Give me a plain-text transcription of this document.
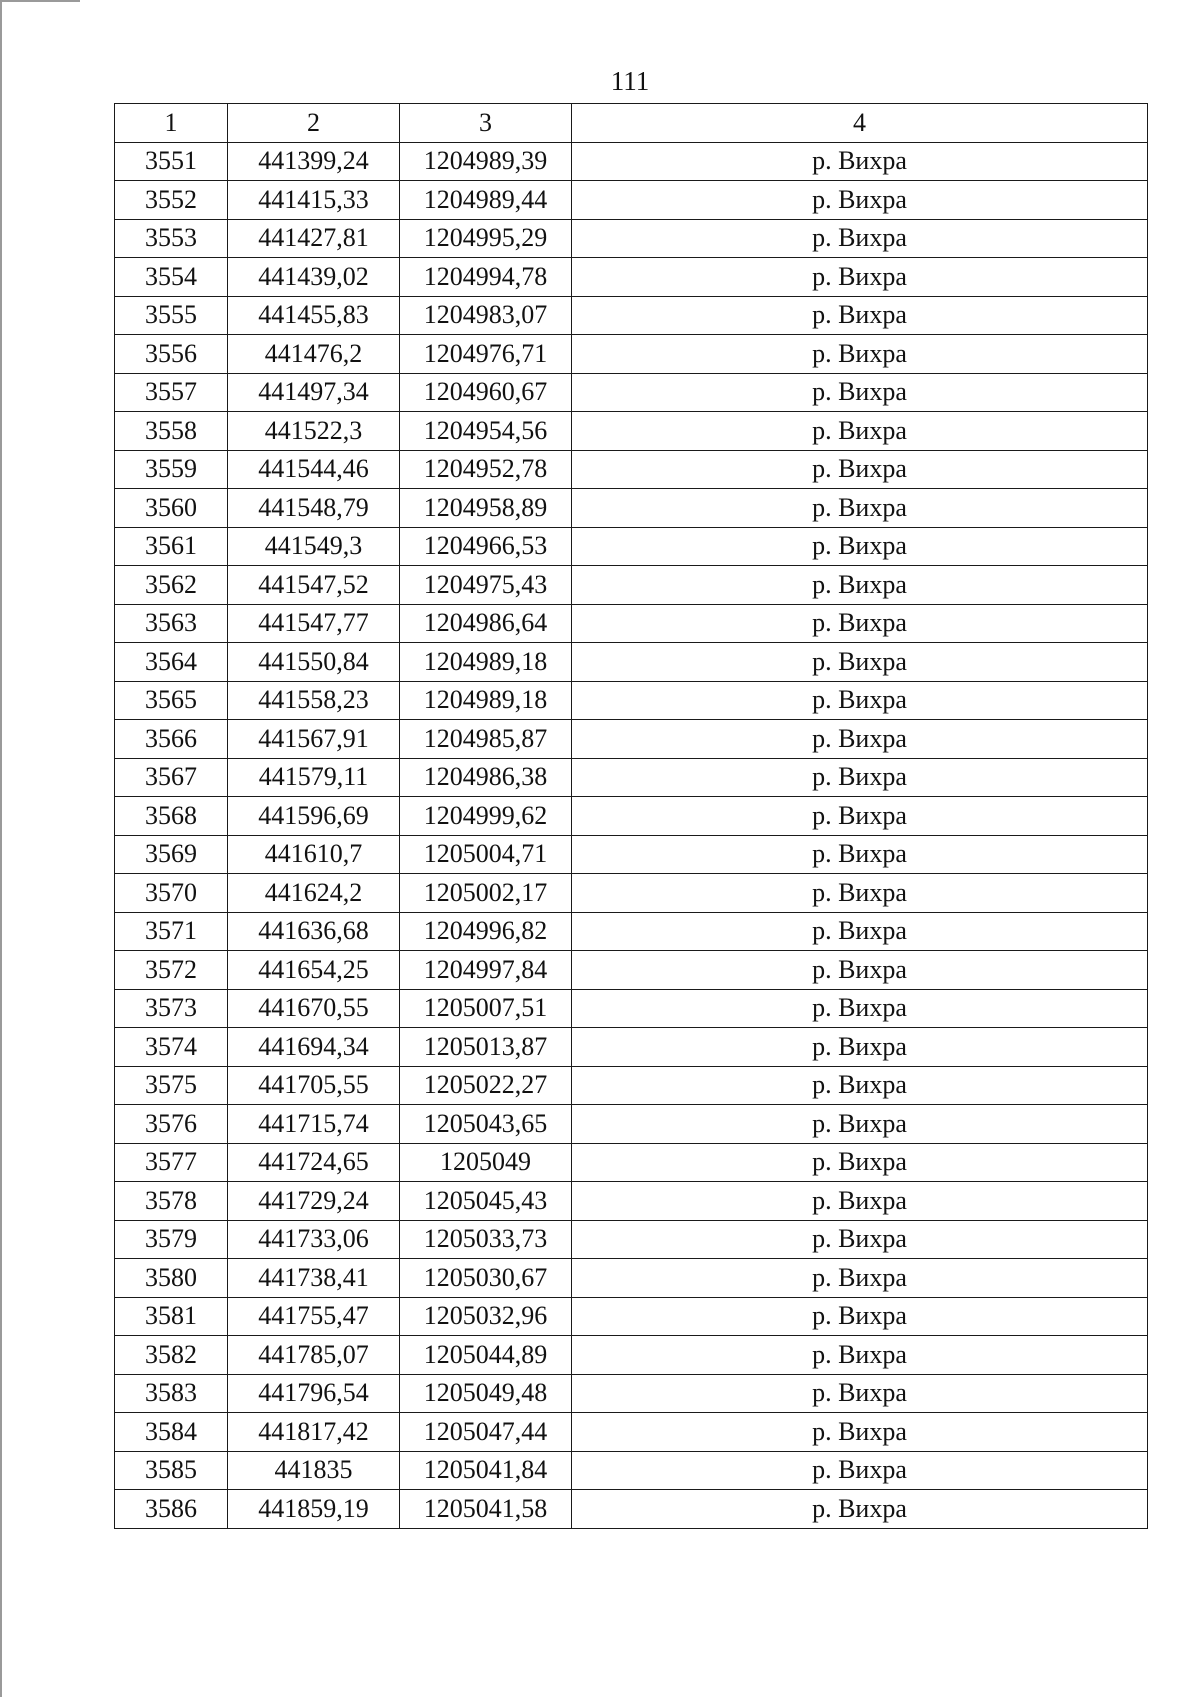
111
1	2	3	4
3551	441399,24	1204989,39	р. Вихра
3552	441415,33	1204989,44	р. Вихра
3553	441427,81	1204995,29	р. Вихра
3554	441439,02	1204994,78	р. Вихра
3555	441455,83	1204983,07	р. Вихра
3556	441476,2	1204976,71	р. Вихра
3557	441497,34	1204960,67	р. Вихра
3558	441522,3	1204954,56	р. Вихра
3559	441544,46	1204952,78	р. Вихра
3560	441548,79	1204958,89	р. Вихра
3561	441549,3	1204966,53	р. Вихра
3562	441547,52	1204975,43	р. Вихра
3563	441547,77	1204986,64	р. Вихра
3564	441550,84	1204989,18	р. Вихра
3565	441558,23	1204989,18	р. Вихра
3566	441567,91	1204985,87	р. Вихра
3567	441579,11	1204986,38	р. Вихра
3568	441596,69	1204999,62	р. Вихра
3569	441610,7	1205004,71	р. Вихра
3570	441624,2	1205002,17	р. Вихра
3571	441636,68	1204996,82	р. Вихра
3572	441654,25	1204997,84	р. Вихра
3573	441670,55	1205007,51	р. Вихра
3574	441694,34	1205013,87	р. Вихра
3575	441705,55	1205022,27	р. Вихра
3576	441715,74	1205043,65	р. Вихра
3577	441724,65	1205049	р. Вихра
3578	441729,24	1205045,43	р. Вихра
3579	441733,06	1205033,73	р. Вихра
3580	441738,41	1205030,67	р. Вихра
3581	441755,47	1205032,96	р. Вихра
3582	441785,07	1205044,89	р. Вихра
3583	441796,54	1205049,48	р. Вихра
3584	441817,42	1205047,44	р. Вихра
3585	441835	1205041,84	р. Вихра
3586	441859,19	1205041,58	р. Вихра
